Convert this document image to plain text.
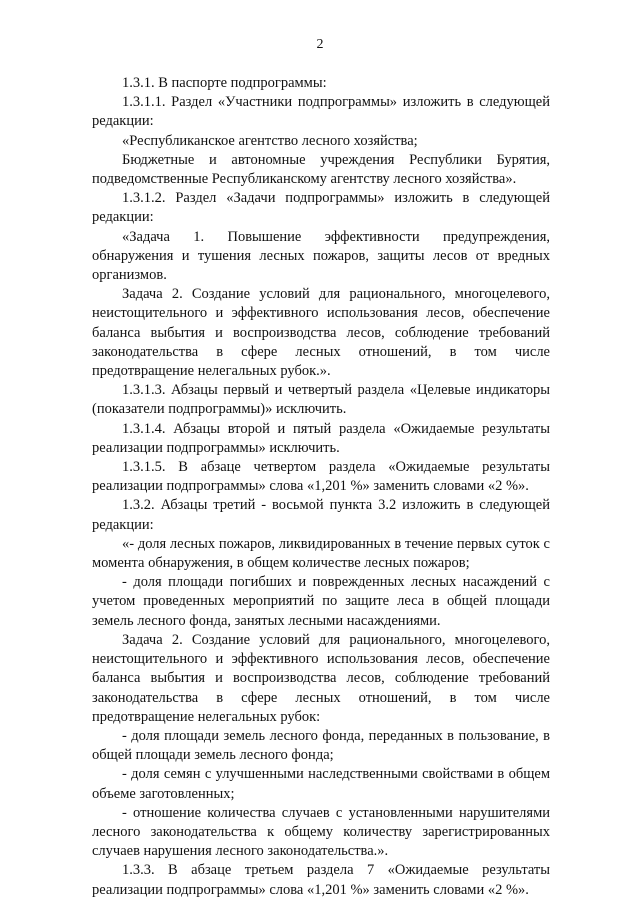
2

1.3.1. В паспорте подпрограммы:

1.3.1.1. Раздел «Участники подпрограммы» изложить в следующей редакции:

«Республиканское агентство лесного хозяйства;

Бюджетные и автономные учреждения Республики Бурятия, подведомственные Республиканскому агентству лесного хозяйства».

1.3.1.2. Раздел «Задачи подпрограммы» изложить в следующей редакции:

«Задача 1. Повышение эффективности предупреждения, обнаружения и тушения лесных пожаров, защиты лесов от вредных организмов.

Задача 2. Создание условий для рационального, многоцелевого, неистощительного и эффективного использования лесов, обеспечение баланса выбытия и воспроизводства лесов, соблюдение требований законодательства в сфере лесных отношений, в том числе предотвращение нелегальных рубок.».

1.3.1.3. Абзацы первый и четвертый раздела «Целевые индикаторы (показатели подпрограммы)» исключить.

1.3.1.4. Абзацы второй и пятый раздела «Ожидаемые результаты реализации подпрограммы» исключить.

1.3.1.5. В абзаце четвертом раздела «Ожидаемые результаты реализации подпрограммы» слова «1,201 %» заменить словами «2 %».

1.3.2. Абзацы третий - восьмой пункта 3.2 изложить в следующей редакции:

«- доля лесных пожаров, ликвидированных в течение первых суток с момента обнаружения, в общем количестве лесных пожаров;

- доля площади погибших и поврежденных лесных насаждений с учетом проведенных мероприятий по защите леса в общей площади земель лесного фонда, занятых лесными насаждениями.

Задача 2. Создание условий для рационального, многоцелевого, неистощительного и эффективного использования лесов, обеспечение баланса выбытия и воспроизводства лесов, соблюдение требований законодательства в сфере лесных отношений, в том числе предотвращение нелегальных рубок:

- доля площади земель лесного фонда, переданных в пользование, в общей площади земель лесного фонда;

- доля семян с улучшенными наследственными свойствами в общем объеме заготовленных;

- отношение количества случаев с установленными нарушителями лесного законодательства к общему количеству зарегистрированных случаев нарушения лесного законодательства.».

1.3.3. В абзаце третьем раздела 7 «Ожидаемые результаты реализации подпрограммы» слова «1,201 %» заменить словами «2 %».
